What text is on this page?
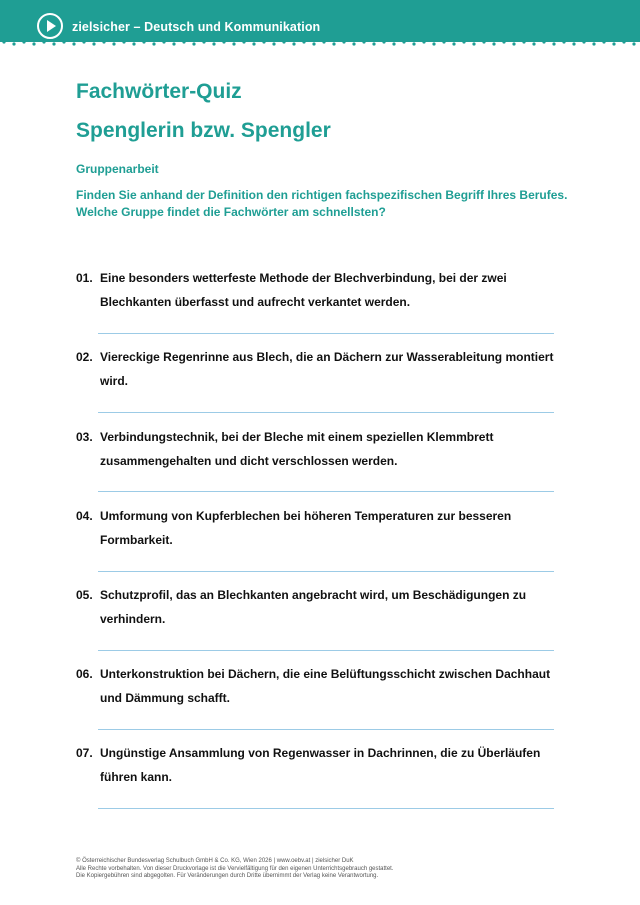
zielsicher – Deutsch und Kommunikation
Fachwörter-Quiz
Spenglerin bzw. Spengler
Gruppenarbeit
Finden Sie anhand der Definition den richtigen fachspezifischen Begriff Ihres Berufes. Welche Gruppe findet die Fachwörter am schnellsten?
01. Eine besonders wetterfeste Methode der Blechverbindung, bei der zwei Blechkanten überfasst und aufrecht verkantet werden.
02. Viereckige Regenrinne aus Blech, die an Dächern zur Wasserableitung montiert wird.
03. Verbindungstechnik, bei der Bleche mit einem speziellen Klemmbrett zusammengehalten und dicht verschlossen werden.
04. Umformung von Kupferblechen bei höheren Temperaturen zur besseren Formbarkeit.
05. Schutzprofil, das an Blechkanten angebracht wird, um Beschädigungen zu verhindern.
06. Unterkonstruktion bei Dächern, die eine Belüftungsschicht zwischen Dachhaut und Dämmung schafft.
07. Ungünstige Ansammlung von Regenwasser in Dachrinnen, die zu Überläufen führen kann.
© Österreichischer Bundesverlag Schulbuch GmbH & Co. KG, Wien 2026 | www.oebv.at | zielsicher DuK
Alle Rechte vorbehalten. Von dieser Druckvorlage ist die Vervielfältigung für den eigenen Unterrichtsgebrauch gestattet.
Die Kopiergebühren sind abgegolten. Für Veränderungen durch Dritte übernimmt der Verlag keine Verantwortung.
